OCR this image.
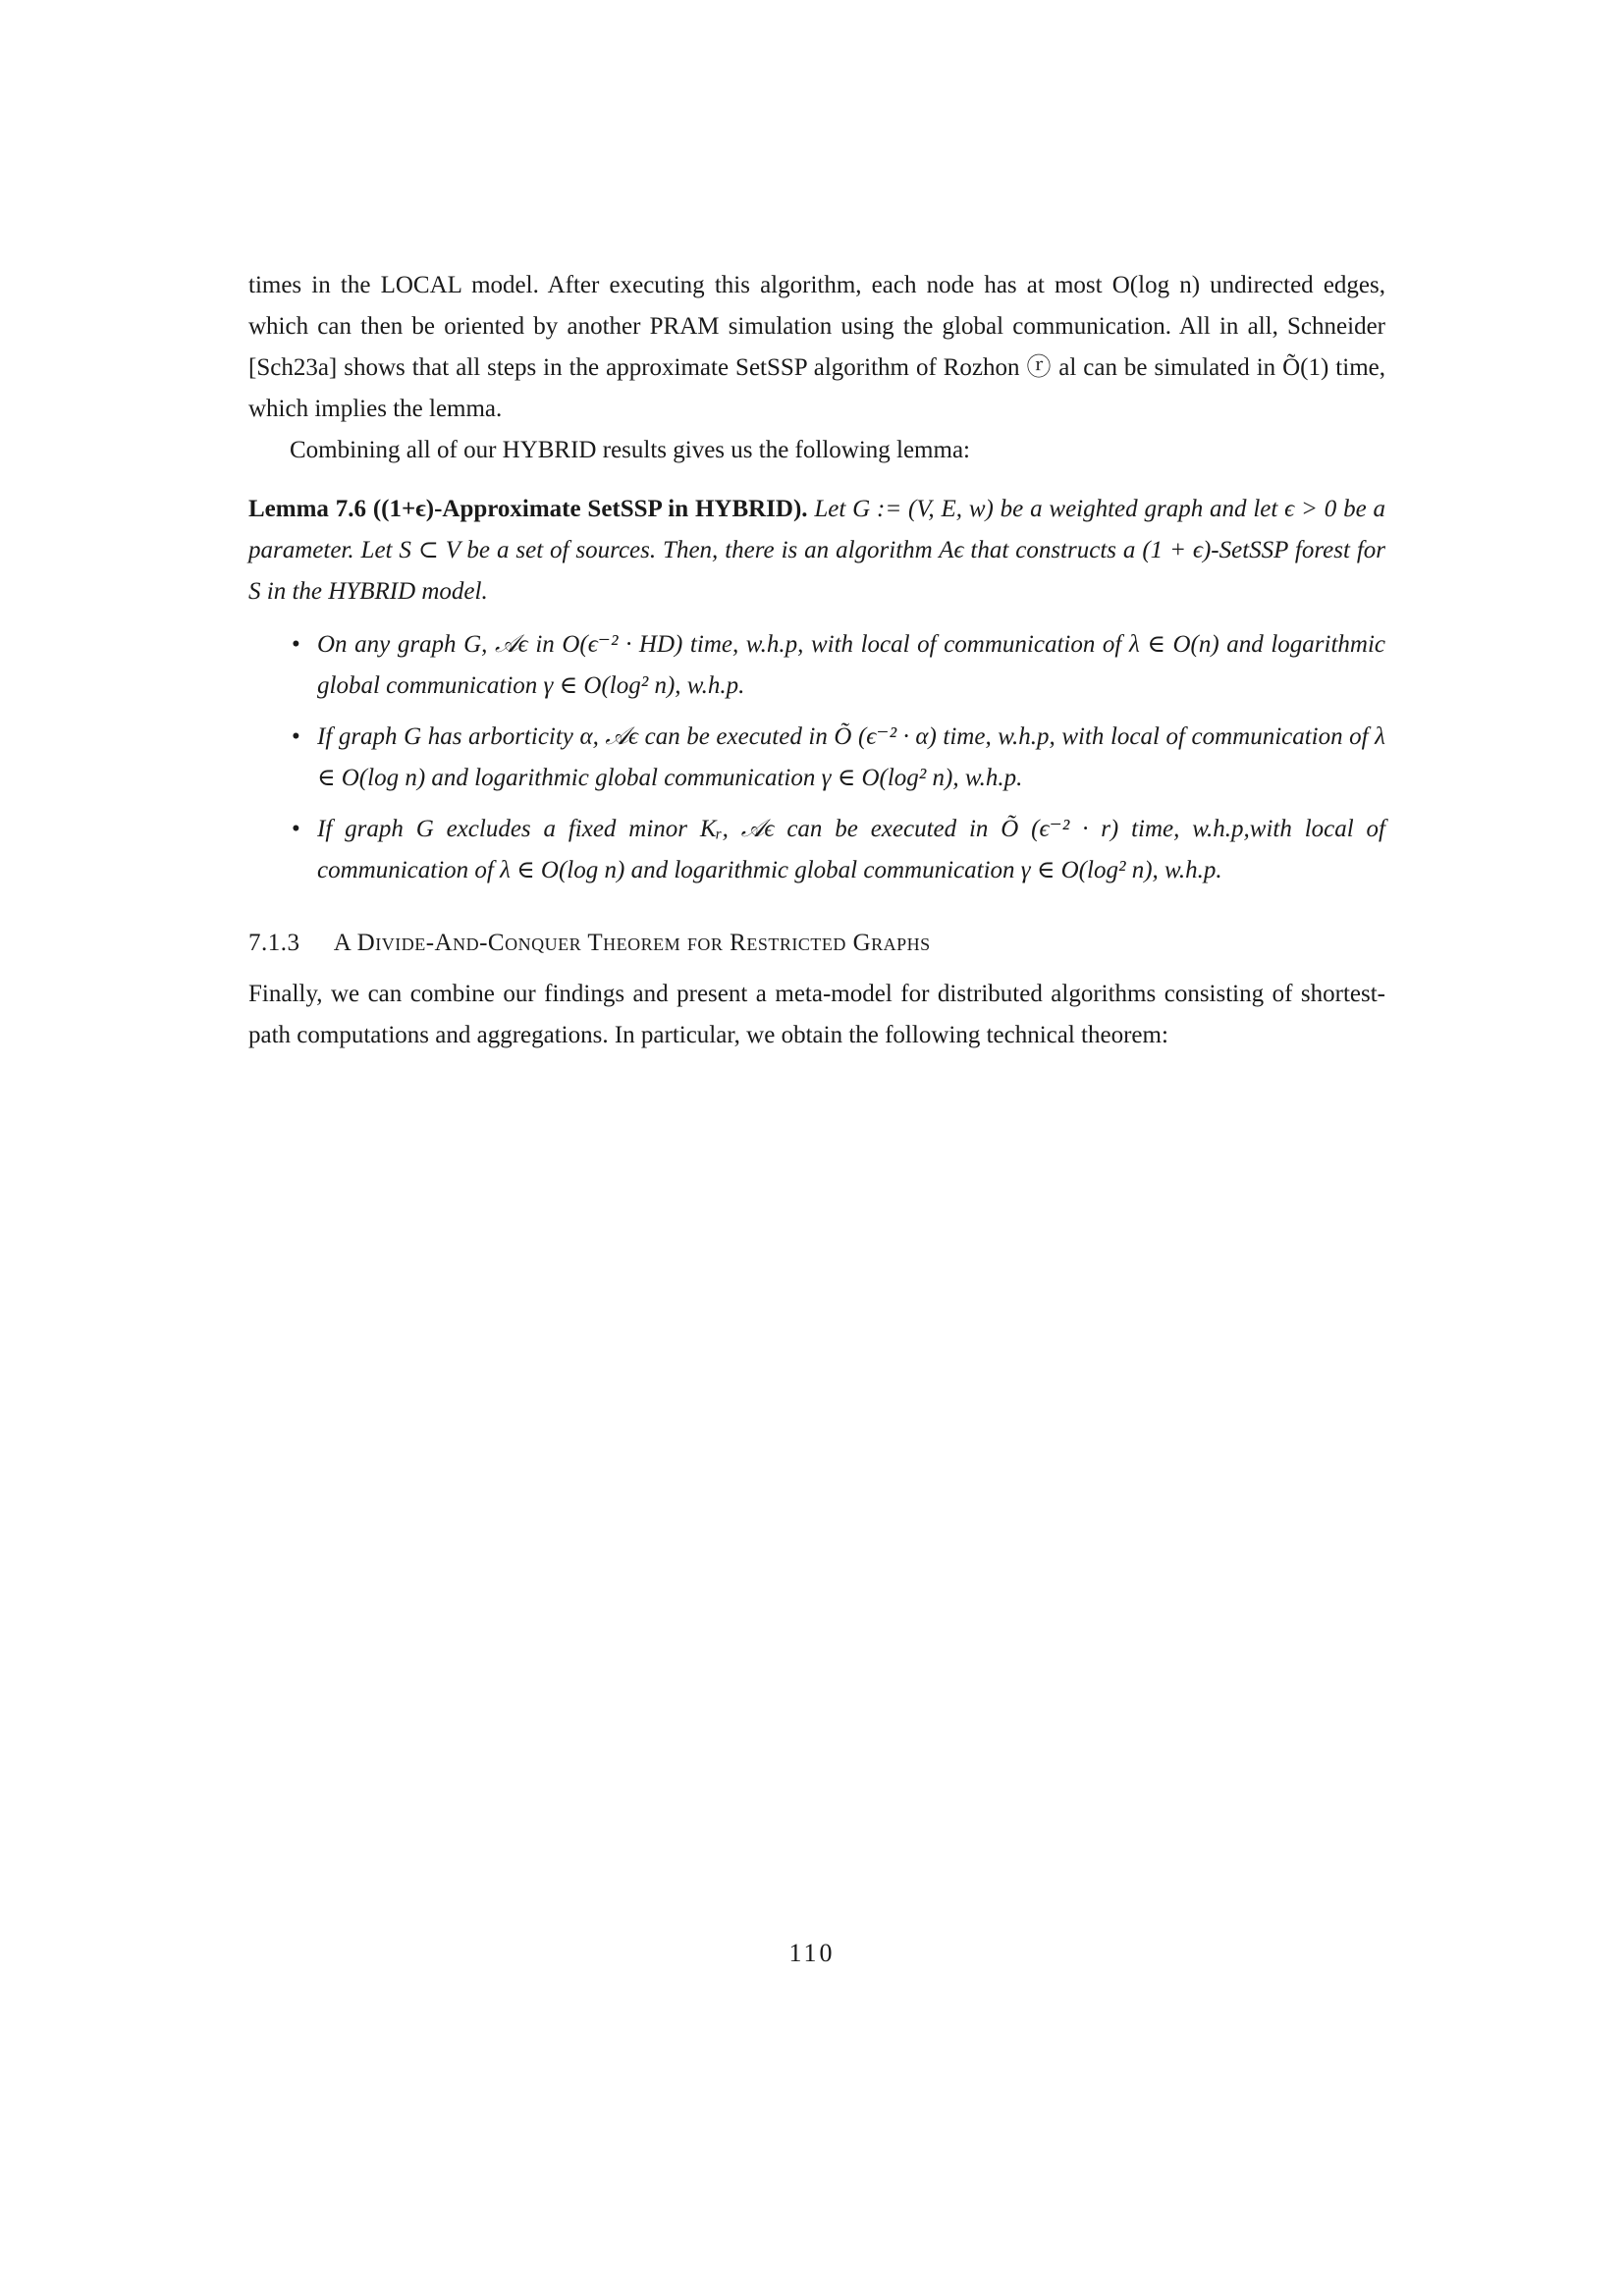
times in the LOCAL model. After executing this algorithm, each node has at most O(log n) undirected edges, which can then be oriented by another PRAM simulation using the global communication. All in all, Schneider [Sch23a] shows that all steps in the approximate SetSSP algorithm of Rozhon ⓡ al can be simulated in Õ(1) time, which implies the lemma.

Combining all of our HYBRID results gives us the following lemma:

Lemma 7.6 ((1+ϵ)-Approximate SetSSP in HYBRID). Let G := (V, E, w) be a weighted graph and let ϵ > 0 be a parameter. Let S ⊂ V be a set of sources. Then, there is an algorithm Aϵ that constructs a (1 + ϵ)-SetSSP forest for S in the HYBRID model.
• On any graph G, 𝒜ϵ in O(ϵ⁻² · HD) time, w.h.p, with local of communication of λ ∈ O(n) and logarithmic global communication γ ∈ O(log² n), w.h.p.
• If graph G has arborticity α, 𝒜ϵ can be executed in Õ (ϵ⁻² · α) time, w.h.p, with local of communication of λ ∈ O(log n) and logarithmic global communication γ ∈ O(log² n), w.h.p.
• If graph G excludes a fixed minor Kᵣ, 𝒜ϵ can be executed in Õ (ϵ⁻² · r) time, w.h.p,with local of communication of λ ∈ O(log n) and logarithmic global communication γ ∈ O(log² n), w.h.p.
7.1.3 A Divide-And-Conquer Theorem for Restricted Graphs

Finally, we can combine our findings and present a meta-model for distributed algorithms consisting of shortest-path computations and aggregations. In particular, we obtain the following technical theorem:

110
